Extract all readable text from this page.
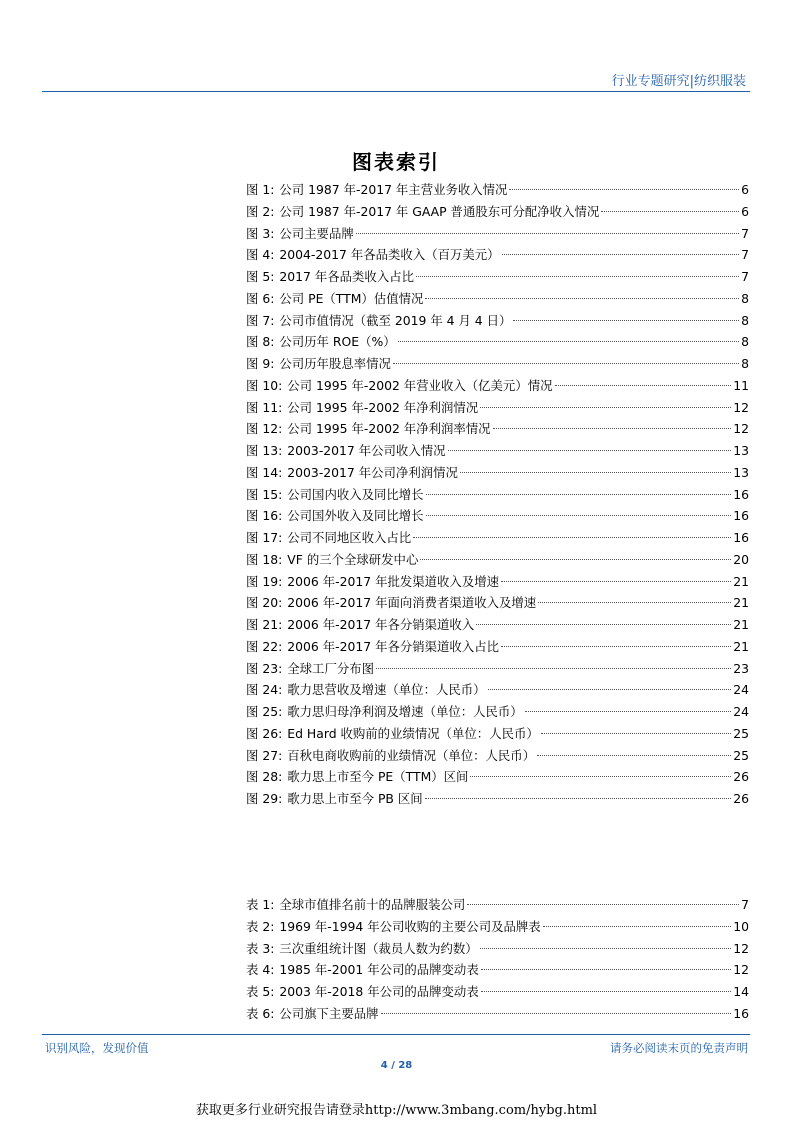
行业专题研究|纺织服装
图表索引
图 1: 公司 1987 年-2017 年主营业务收入情况	6
图 2: 公司 1987 年-2017 年 GAAP 普通股东可分配净收入情况	6
图 3: 公司主要品牌	7
图 4: 2004-2017 年各品类收入（百万美元）	7
图 5: 2017 年各品类收入占比	7
图 6: 公司 PE（TTM）估值情况	8
图 7: 公司市值情况（截至 2019 年 4 月 4 日）	8
图 8: 公司历年 ROE（%）	8
图 9: 公司历年股息率情况	8
图 10: 公司 1995 年-2002 年营业收入（亿美元）情况	11
图 11: 公司 1995 年-2002 年净利润情况	12
图 12: 公司 1995 年-2002 年净利润率情况	12
图 13: 2003-2017 年公司收入情况	13
图 14: 2003-2017 年公司净利润情况	13
图 15: 公司国内收入及同比增长	16
图 16: 公司国外收入及同比增长	16
图 17: 公司不同地区收入占比	16
图 18: VF 的三个全球研发中心	20
图 19: 2006 年-2017 年批发渠道收入及增速	21
图 20: 2006 年-2017 年面向消费者渠道收入及增速	21
图 21: 2006 年-2017 年各分销渠道收入	21
图 22: 2006 年-2017 年各分销渠道收入占比	21
图 23: 全球工厂分布图	23
图 24: 歌力思营收及增速（单位：人民币）	24
图 25: 歌力思归母净利润及增速（单位：人民币）	24
图 26: Ed Hard 收购前的业绩情况（单位：人民币）	25
图 27: 百秋电商收购前的业绩情况（单位：人民币）	25
图 28: 歌力思上市至今 PE（TTM）区间	26
图 29: 歌力思上市至今 PB 区间	26
表 1: 全球市值排名前十的品牌服装公司	7
表 2: 1969 年-1994 年公司收购的主要公司及品牌表	10
表 3: 三次重组统计图（裁员人数为约数）	12
表 4: 1985 年-2001 年公司的品牌变动表	12
表 5: 2003 年-2018 年公司的品牌变动表	14
表 6: 公司旗下主要品牌	16
识别风险，发现价值	请务必阅读末页的免责声明
4 / 28
获取更多行业研究报告请登录http://www.3mbang.com/hybg.html
